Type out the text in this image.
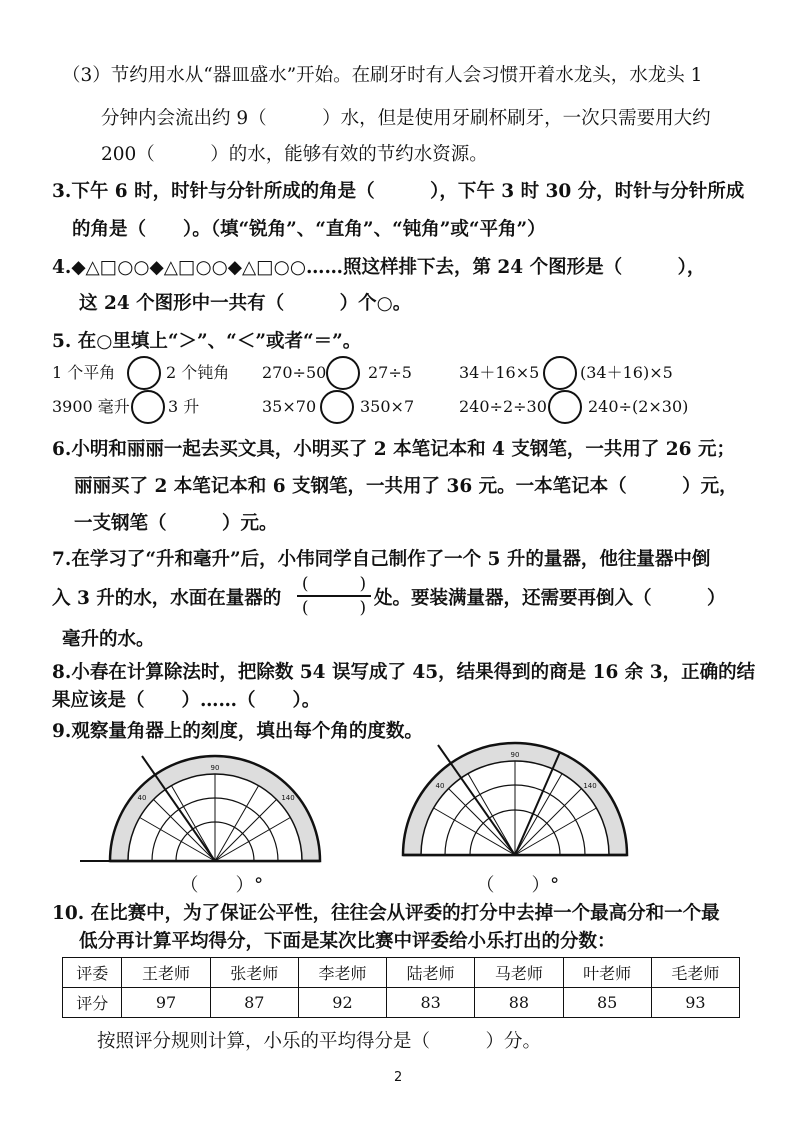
（3）节约用水从“器皿盛水”开始。在刷牙时有人会习惯开着水龙头，水龙头 1
分钟内会流出约 9（　　　）水，但是使用牙刷杯刷牙，一次只需要用大约
200（　　　）的水，能够有效的节约水资源。
3.下午 6 时，时针与分针所成的角是（　　　），下午 3 时 30 分，时针与分针所成
的角是（　　）。（填“锐角”、“直角”、“钝角”或“平角”）
4.◆△□○○◆△□○○◆△□○○……照这样排下去，第 24 个图形是（　　　），
这 24 个图形中一共有（　　　）个○。
5. 在○里填上“＞”、“＜”或者“＝”。
1 个平角	2 个钝角 270÷50	27÷5	34＋16×5	(34＋16)×5
3900 毫升 3 升	35×70	350×7	240÷2÷30	240÷(2×30)
6.小明和丽丽一起去买文具，小明买了 2 本笔记本和 4 支钢笔，一共用了 26 元；
丽丽买了 2 本笔记本和 6 支钢笔，一共用了 36 元。一本笔记本（　　　）元，
一支钢笔（　　　）元。
7.在学习了“升和毫升”后，小伟同学自己制作了一个 5 升的量器，他往量器中倒
入 3 升的水，水面在量器的
(　　　)
(　　　) 处。要装满量器，还需要再倒入（　　　）
毫升的水。
8.小春在计算除法时，把除数 54 误写成了 45，结果得到的商是 16 余 3，正确的结
果应该是（　　）……（　　）。
9.观察量角器上的刻度，填出每个角的度数。
90
40	140
（　　）°
90
40	140
（　　）°
10. 在比赛中，为了保证公平性，往往会从评委的打分中去掉一个最高分和一个最
低分再计算平均得分，下面是某次比赛中评委给小乐打出的分数：
评委	王老师	张老师	李老师	陆老师	马老师	叶老师	毛老师
评分	97	87	92	83	88	85	93
按照评分规则计算，小乐的平均得分是（　　　）分。
2
